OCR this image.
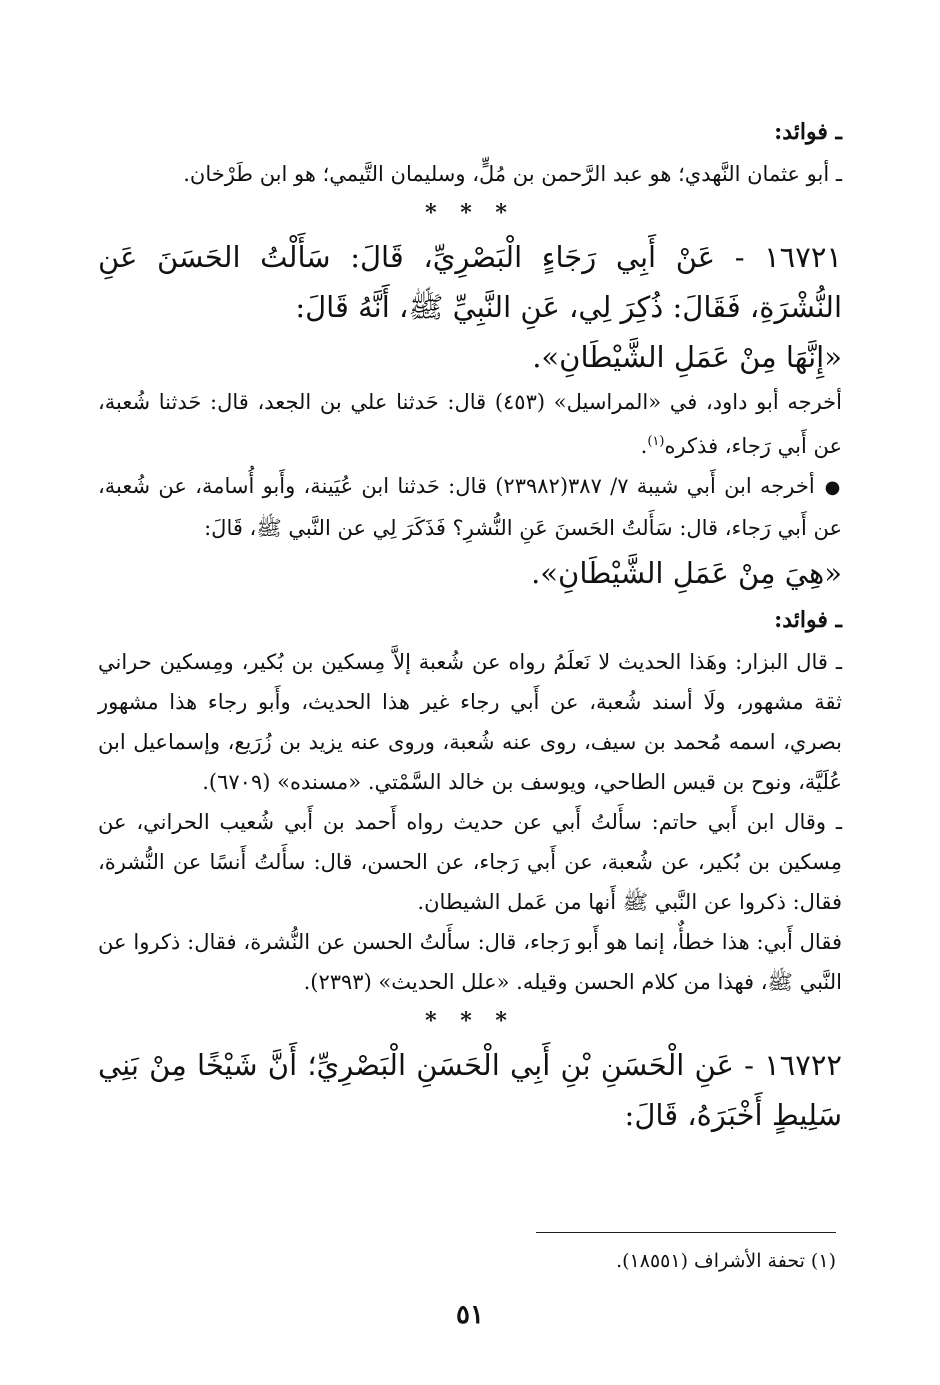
ـ فوائد:

ـ أبو عثمان النَّهدي؛ هو عبد الرَّحمن بن مُلٍّ، وسليمان التَّيمي؛ هو ابن طَرْخان.

* * *

١٦٧٢١ - عَنْ أَبِي رَجَاءٍ الْبَصْرِيِّ، قَالَ: سَأَلْتُ الحَسَنَ عَنِ النُّشْرَةِ، فَقَالَ: ذُكِرَ لِي، عَنِ النَّبِيِّ ﷺ، أَنَّهُ قَالَ:

«إِنَّهَا مِنْ عَمَلِ الشَّيْطَانِ».

أخرجه أبو داود، في «المراسيل» (٤٥٣) قال: حَدثنا علي بن الجعد، قال: حَدثنا شُعبة، عن أَبي رَجاء، فذكره$^{(١)}$.

●أخرجه ابن أَبي شيبة ٧/ ٣٨٧(٢٣٩٨٢) قال: حَدثنا ابن عُيَينة، وأَبو أُسامة، عن شُعبة، عن أَبي رَجاء، قال: سَأَلتُ الحَسنَ عَنِ النُّشرِ؟ فَذَكَرَ لِي عن النَّبي ﷺ، قَالَ:

«هِيَ مِنْ عَمَلِ الشَّيْطَانِ».

ـ فوائد:

ـ قال البزار: وهَذا الحديث لا نَعلَمُ رواه عن شُعبة إلاَّ مِسكين بن بُكير، ومِسكين حراني ثقة مشهور، ولَا أسند شُعبة، عن أَبي رجاء غير هذا الحديث، وأَبو رجاء هذا مشهور بصري، اسمه مُحمد بن سيف، روى عنه شُعبة، وروى عنه يزيد بن زُرَيع، وإسماعيل ابن عُلَيَّة، ونوح بن قيس الطاحي، ويوسف بن خالد السَّمْتي. «مسنده» (٦٧٠٩).

ـ وقال ابن أَبي حاتم: سأَلتُ أَبي عن حديث رواه أَحمد بن أَبي شُعيب الحراني، عن مِسكين بن بُكير، عن شُعبة، عن أَبي رَجاء، عن الحسن، قال: سأَلتُ أَنسًا عن النُّشرة، فقال: ذكروا عن النَّبي ﷺ أَنها من عَمل الشيطان.

فقال أَبي: هذا خطأٌ، إنما هو أَبو رَجاء، قال: سأَلتُ الحسن عن النُّشرة، فقال: ذكروا عن النَّبي ﷺ، فهذا من كلام الحسن وقيله. «علل الحديث» (٢٣٩٣).

* * *

١٦٧٢٢ - عَنِ الْحَسَنِ بْنِ أَبِي الْحَسَنِ الْبَصْرِيِّ؛ أَنَّ شَيْخًا مِنْ بَنِي سَلِيطٍ أَخْبَرَهُ، قَالَ:

(١) تحفة الأشراف (١٨٥٥١).
٥١
